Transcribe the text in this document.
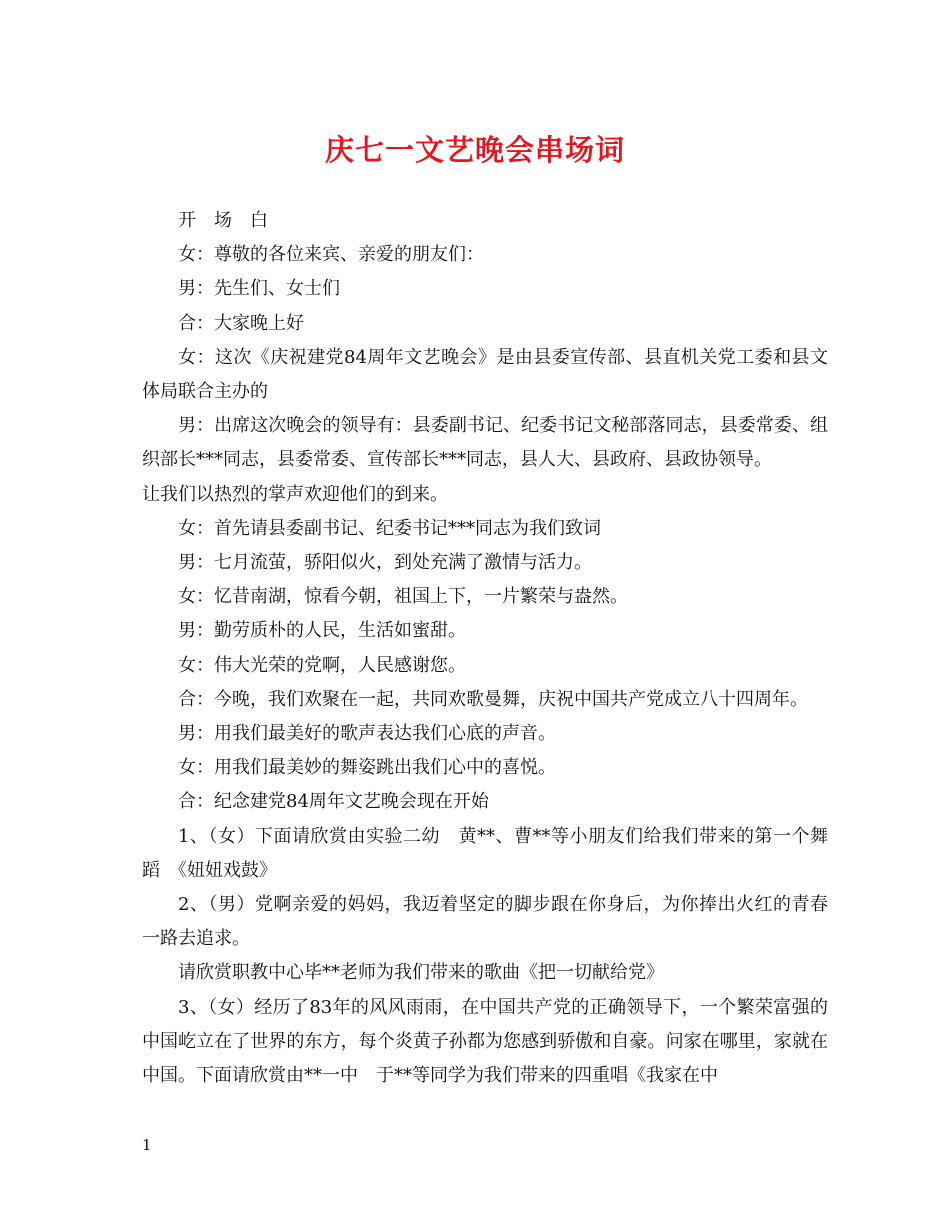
庆七一文艺晚会串场词

开　场　白

女：尊敬的各位来宾、亲爱的朋友们：

男：先生们、女士们

合：大家晚上好

女：这次《庆祝建党84周年文艺晚会》是由县委宣传部、县直机关党工委和县文体局联合主办的

男：出席这次晚会的领导有：县委副书记、纪委书记文秘部落同志，县委常委、组织部长***同志，县委常委、宣传部长***同志，县人大、县政府、县政协领导。

让我们以热烈的掌声欢迎他们的到来。

女：首先请县委副书记、纪委书记***同志为我们致词

男：七月流萤，骄阳似火，到处充满了激情与活力。

女：忆昔南湖，惊看今朝，祖国上下，一片繁荣与盎然。

男：勤劳质朴的人民，生活如蜜甜。

女：伟大光荣的党啊，人民感谢您。

合：今晚，我们欢聚在一起，共同欢歌曼舞，庆祝中国共产党成立八十四周年。

男：用我们最美好的歌声表达我们心底的声音。

女：用我们最美妙的舞姿跳出我们心中的喜悦。

合：纪念建党84周年文艺晚会现在开始

1、（女）下面请欣赏由实验二幼　黄**、曹**等小朋友们给我们带来的第一个舞蹈　《妞妞戏鼓》

2、（男）党啊亲爱的妈妈，我迈着坚定的脚步跟在你身后，为你捧出火红的青春一路去追求。

请欣赏职教中心毕**老师为我们带来的歌曲《把一切献给党》

3、（女）经历了83年的风风雨雨，在中国共产党的正确领导下，一个繁荣富强的中国屹立在了世界的东方，每个炎黄子孙都为您感到骄傲和自豪。问家在哪里，家就在中国。下面请欣赏由**一中　于**等同学为我们带来的四重唱《我家在中

1
